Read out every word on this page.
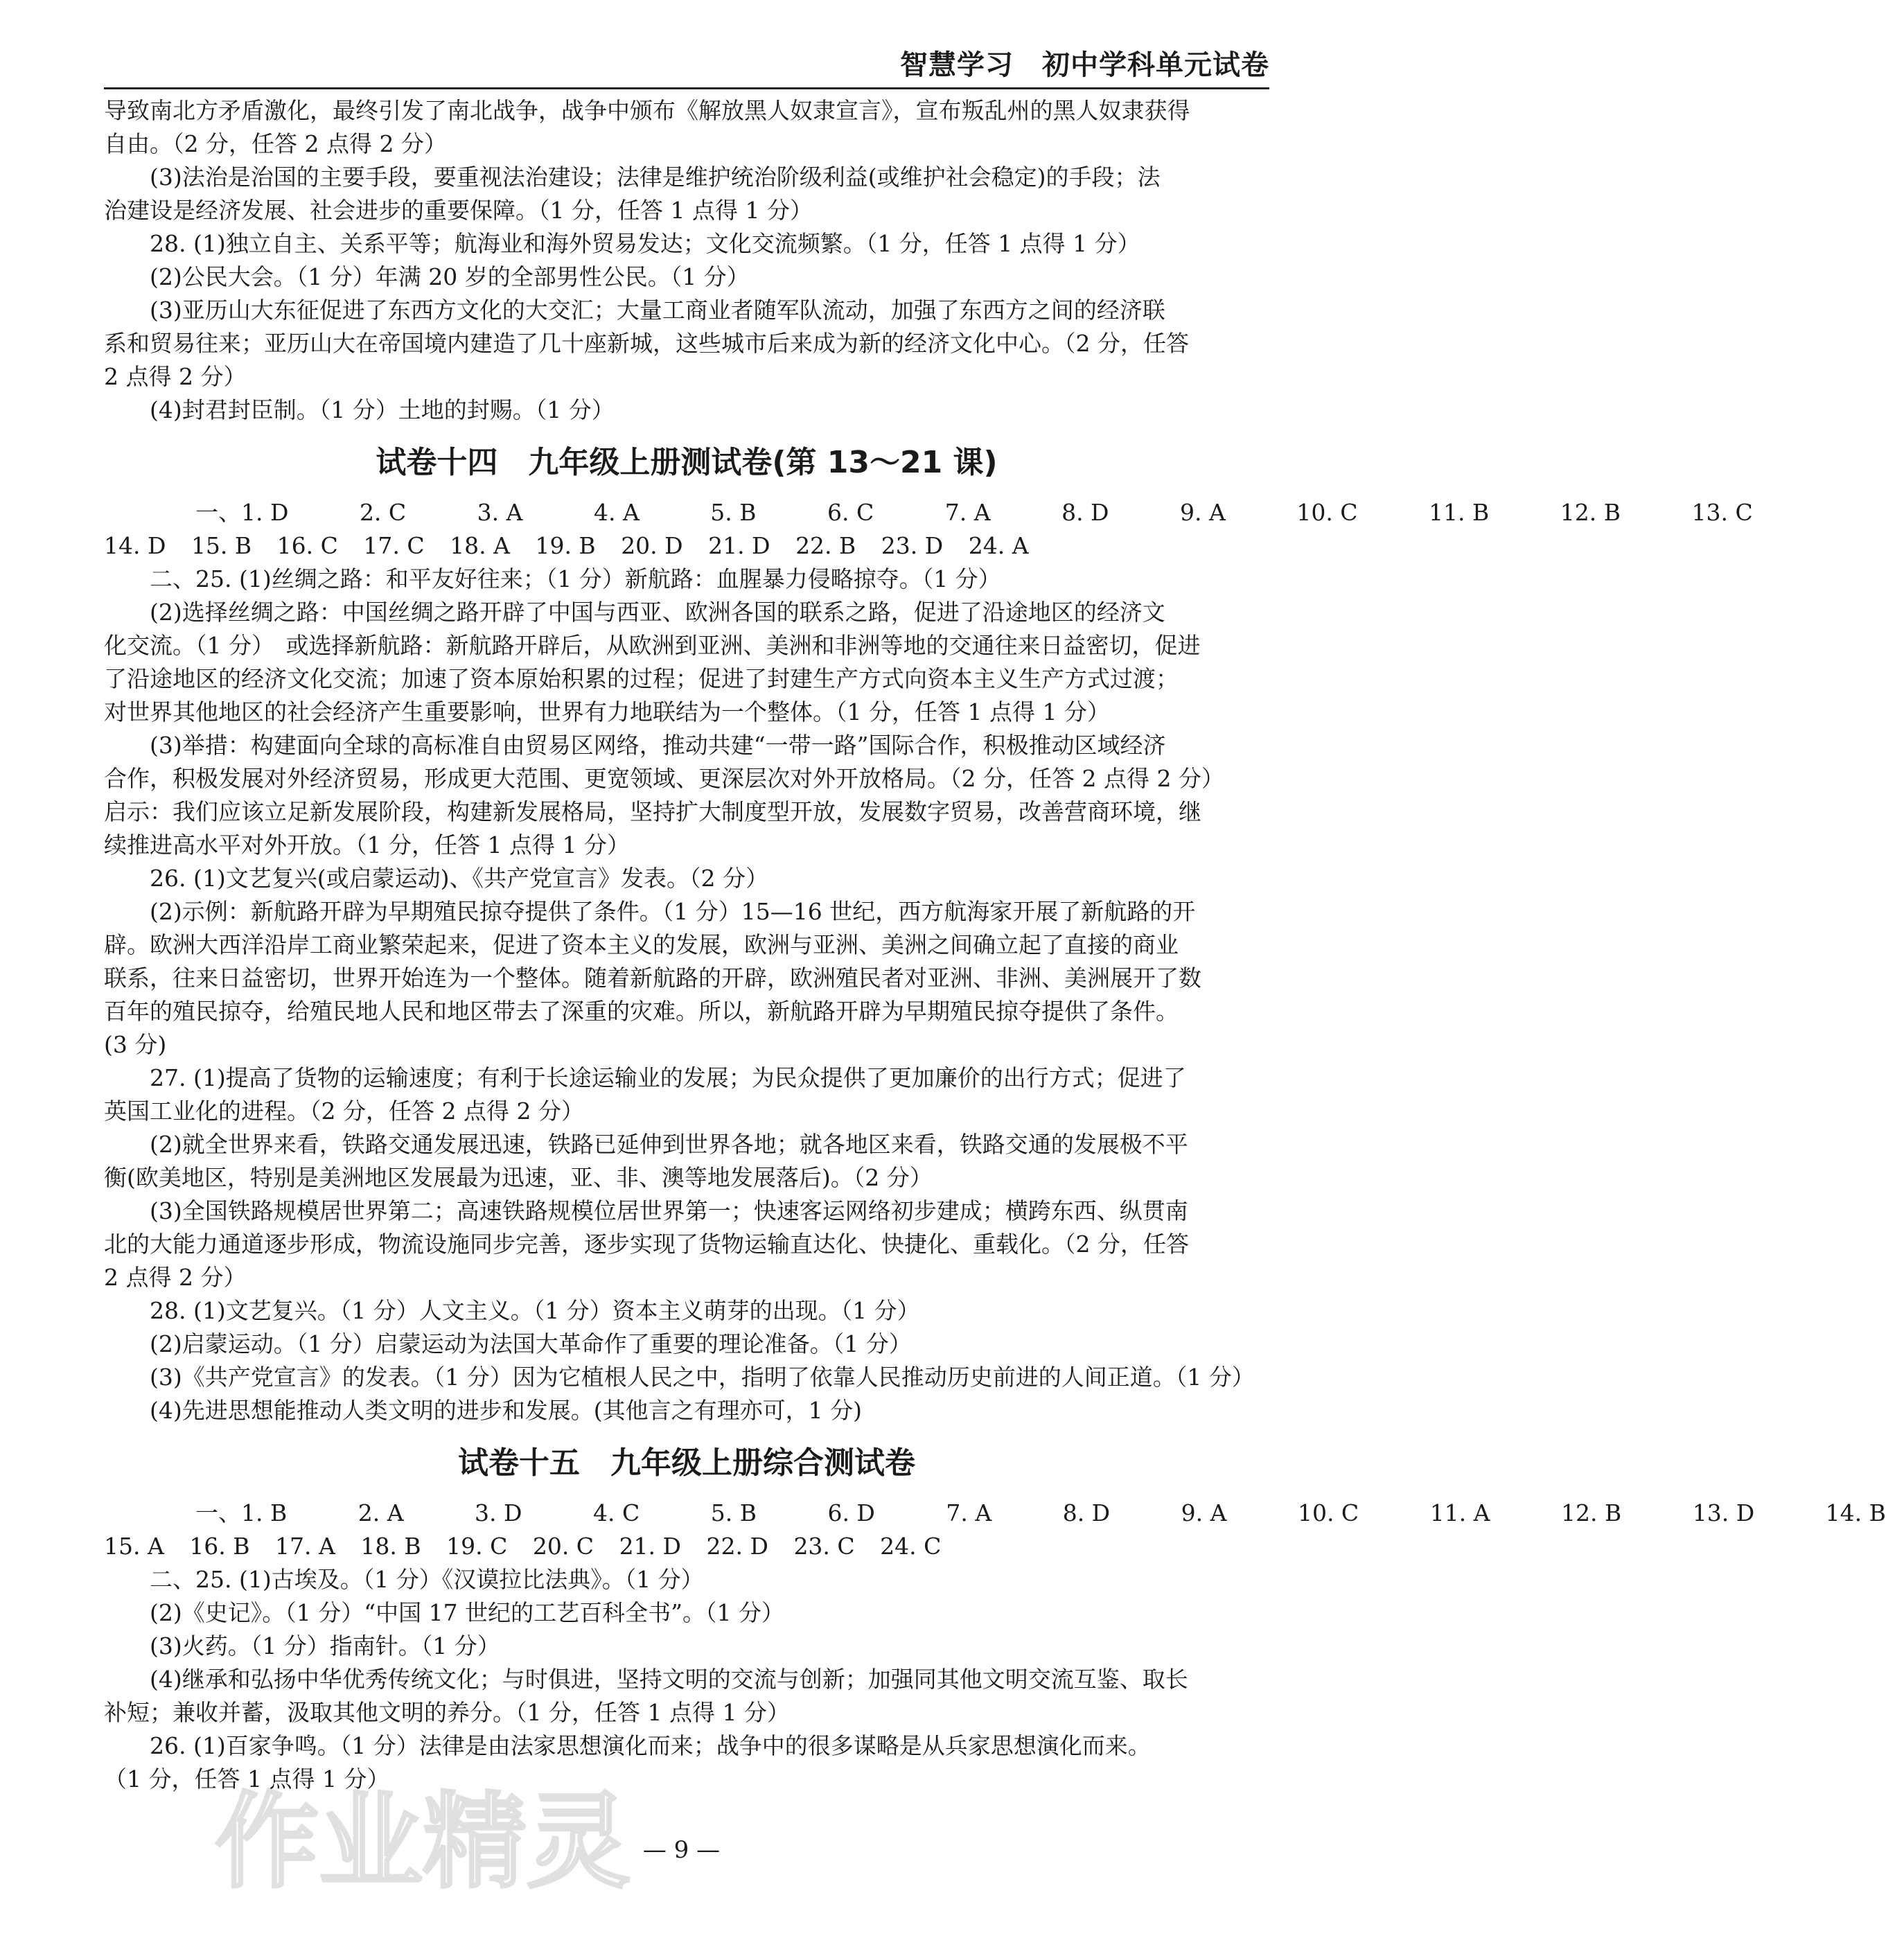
智慧学习　初中学科单元试卷

导致南北方矛盾激化，最终引发了南北战争，战争中颁布《解放黑人奴隶宣言》，宣布叛乱州的黑人奴隶获得

自由。（2 分，任答 2 点得 2 分）

(3)法治是治国的主要手段，要重视法治建设；法律是维护统治阶级利益(或维护社会稳定)的手段；法

治建设是经济发展、社会进步的重要保障。（1 分，任答 1 点得 1 分）

28. (1)独立自主、关系平等；航海业和海外贸易发达；文化交流频繁。（1 分，任答 1 点得 1 分）

(2)公民大会。（1 分）年满 20 岁的全部男性公民。（1 分）

(3)亚历山大东征促进了东西方文化的大交汇；大量工商业者随军队流动，加强了东西方之间的经济联

系和贸易往来；亚历山大在帝国境内建造了几十座新城，这些城市后来成为新的经济文化中心。（2 分，任答

2 点得 2 分）

(4)封君封臣制。（1 分）土地的封赐。（1 分）

试卷十四　九年级上册测试卷(第 13～21 课)
一、1. D	2. C	3. A	4. A	5. B	6. C	7. A	8. D	9. A	10. C	11. B	12. B	13. C
14. D 15. B 16. C 17. C 18. A 19. B 20. D 21. D 22. B 23. D 24. A

二、25. (1)丝绸之路：和平友好往来；（1 分）新航路：血腥暴力侵略掠夺。（1 分）

(2)选择丝绸之路：中国丝绸之路开辟了中国与西亚、欧洲各国的联系之路，促进了沿途地区的经济文

化交流。（1 分）　或选择新航路：新航路开辟后，从欧洲到亚洲、美洲和非洲等地的交通往来日益密切，促进

了沿途地区的经济文化交流；加速了资本原始积累的过程；促进了封建生产方式向资本主义生产方式过渡；

对世界其他地区的社会经济产生重要影响，世界有力地联结为一个整体。（1 分，任答 1 点得 1 分）

(3)举措：构建面向全球的高标准自由贸易区网络，推动共建“一带一路”国际合作，积极推动区域经济

合作，积极发展对外经济贸易，形成更大范围、更宽领域、更深层次对外开放格局。（2 分，任答 2 点得 2 分）

启示：我们应该立足新发展阶段，构建新发展格局，坚持扩大制度型开放，发展数字贸易，改善营商环境，继

续推进高水平对外开放。（1 分，任答 1 点得 1 分）

26. (1)文艺复兴(或启蒙运动)、《共产党宣言》发表。（2 分）

(2)示例：新航路开辟为早期殖民掠夺提供了条件。（1 分）15—16 世纪，西方航海家开展了新航路的开

辟。欧洲大西洋沿岸工商业繁荣起来，促进了资本主义的发展，欧洲与亚洲、美洲之间确立起了直接的商业

联系，往来日益密切，世界开始连为一个整体。随着新航路的开辟，欧洲殖民者对亚洲、非洲、美洲展开了数

百年的殖民掠夺，给殖民地人民和地区带去了深重的灾难。所以，新航路开辟为早期殖民掠夺提供了条件。

(3 分)

27. (1)提高了货物的运输速度；有利于长途运输业的发展；为民众提供了更加廉价的出行方式；促进了

英国工业化的进程。（2 分，任答 2 点得 2 分）

(2)就全世界来看，铁路交通发展迅速，铁路已延伸到世界各地；就各地区来看，铁路交通的发展极不平

衡(欧美地区，特别是美洲地区发展最为迅速，亚、非、澳等地发展落后)。（2 分）

(3)全国铁路规模居世界第二；高速铁路规模位居世界第一；快速客运网络初步建成；横跨东西、纵贯南

北的大能力通道逐步形成，物流设施同步完善，逐步实现了货物运输直达化、快捷化、重载化。（2 分，任答

2 点得 2 分）

28. (1)文艺复兴。（1 分）人文主义。（1 分）资本主义萌芽的出现。（1 分）

(2)启蒙运动。（1 分）启蒙运动为法国大革命作了重要的理论准备。（1 分）

(3)《共产党宣言》的发表。（1 分）因为它植根人民之中，指明了依靠人民推动历史前进的人间正道。（1 分）

(4)先进思想能推动人类文明的进步和发展。(其他言之有理亦可，1 分)

试卷十五　九年级上册综合测试卷
一、1. B	2. A	3. D	4. C	5. B	6. D	7. A	8. D	9. A	10. C	11. A	12. B	13. D	14. B
15. A 16. B 17. A 18. B 19. C 20. C 21. D 22. D 23. C 24. C

二、25. (1)古埃及。（1 分）《汉谟拉比法典》。（1 分）

(2)《史记》。（1 分）“中国 17 世纪的工艺百科全书”。（1 分）

(3)火药。（1 分）指南针。（1 分）

(4)继承和弘扬中华优秀传统文化；与时俱进，坚持文明的交流与创新；加强同其他文明交流互鉴、取长

补短；兼收并蓄，汲取其他文明的养分。（1 分，任答 1 点得 1 分）

26. (1)百家争鸣。（1 分）法律是由法家思想演化而来；战争中的很多谋略是从兵家思想演化而来。

（1 分，任答 1 点得 1 分）

— 9 —
作业精灵
